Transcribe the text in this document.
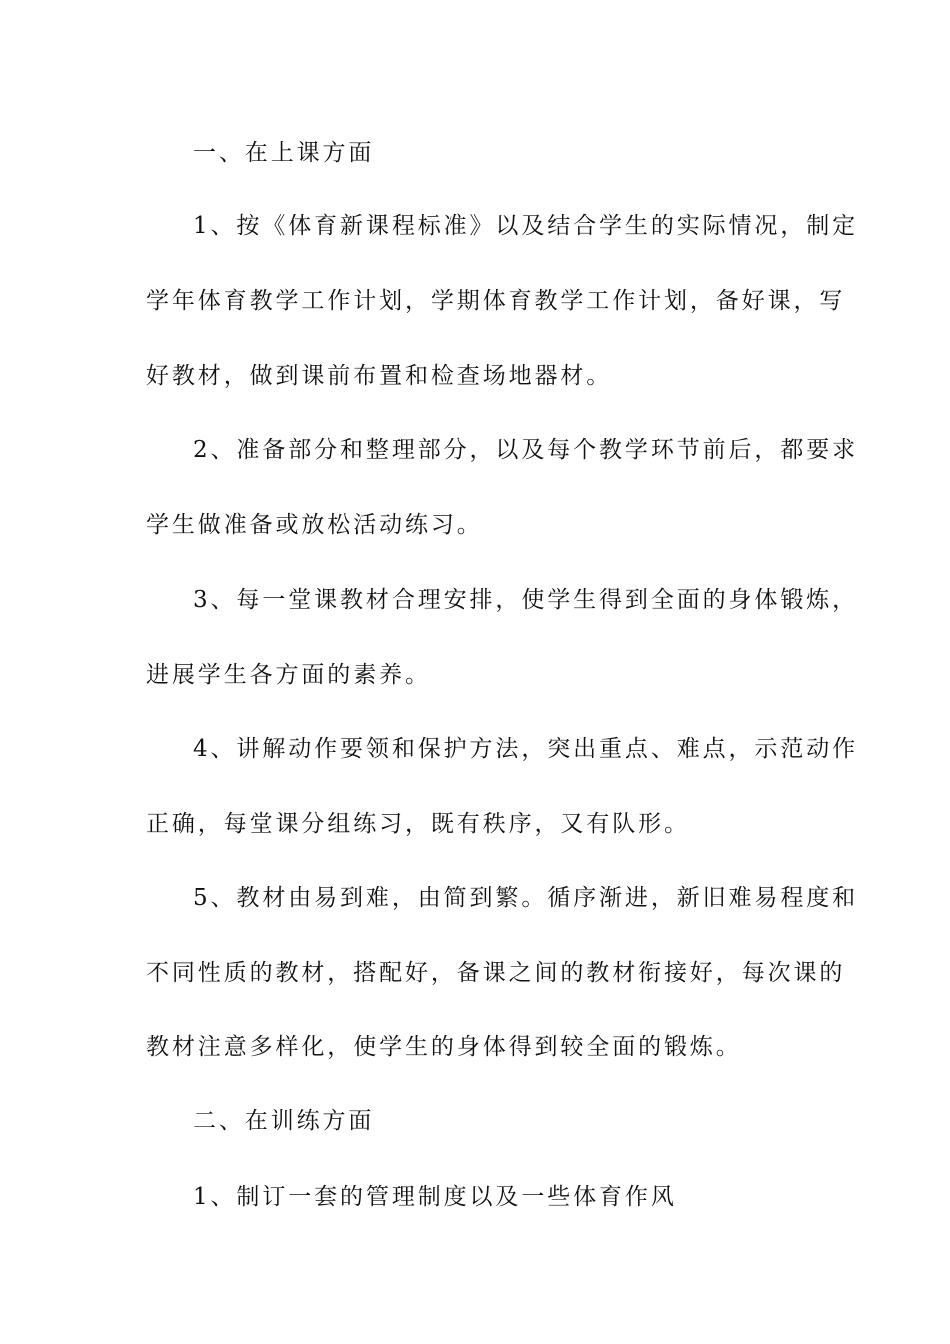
一、在上课方面
1、按《体育新课程标准》以及结合学生的实际情况，制定
学年体育教学工作计划，学期体育教学工作计划，备好课，写
好教材，做到课前布置和检查场地器材。
2、准备部分和整理部分，以及每个教学环节前后，都要求
学生做准备或放松活动练习。
3、每一堂课教材合理安排，使学生得到全面的身体锻炼，
进展学生各方面的素养。
4、讲解动作要领和保护方法，突出重点、难点，示范动作
正确，每堂课分组练习，既有秩序，又有队形。
5、教材由易到难，由简到繁。循序渐进，新旧难易程度和
不同性质的教材，搭配好，备课之间的教材衔接好，每次课的
教材注意多样化，使学生的身体得到较全面的锻炼。
二、在训练方面
1、制订一套的管理制度以及一些体育作风
